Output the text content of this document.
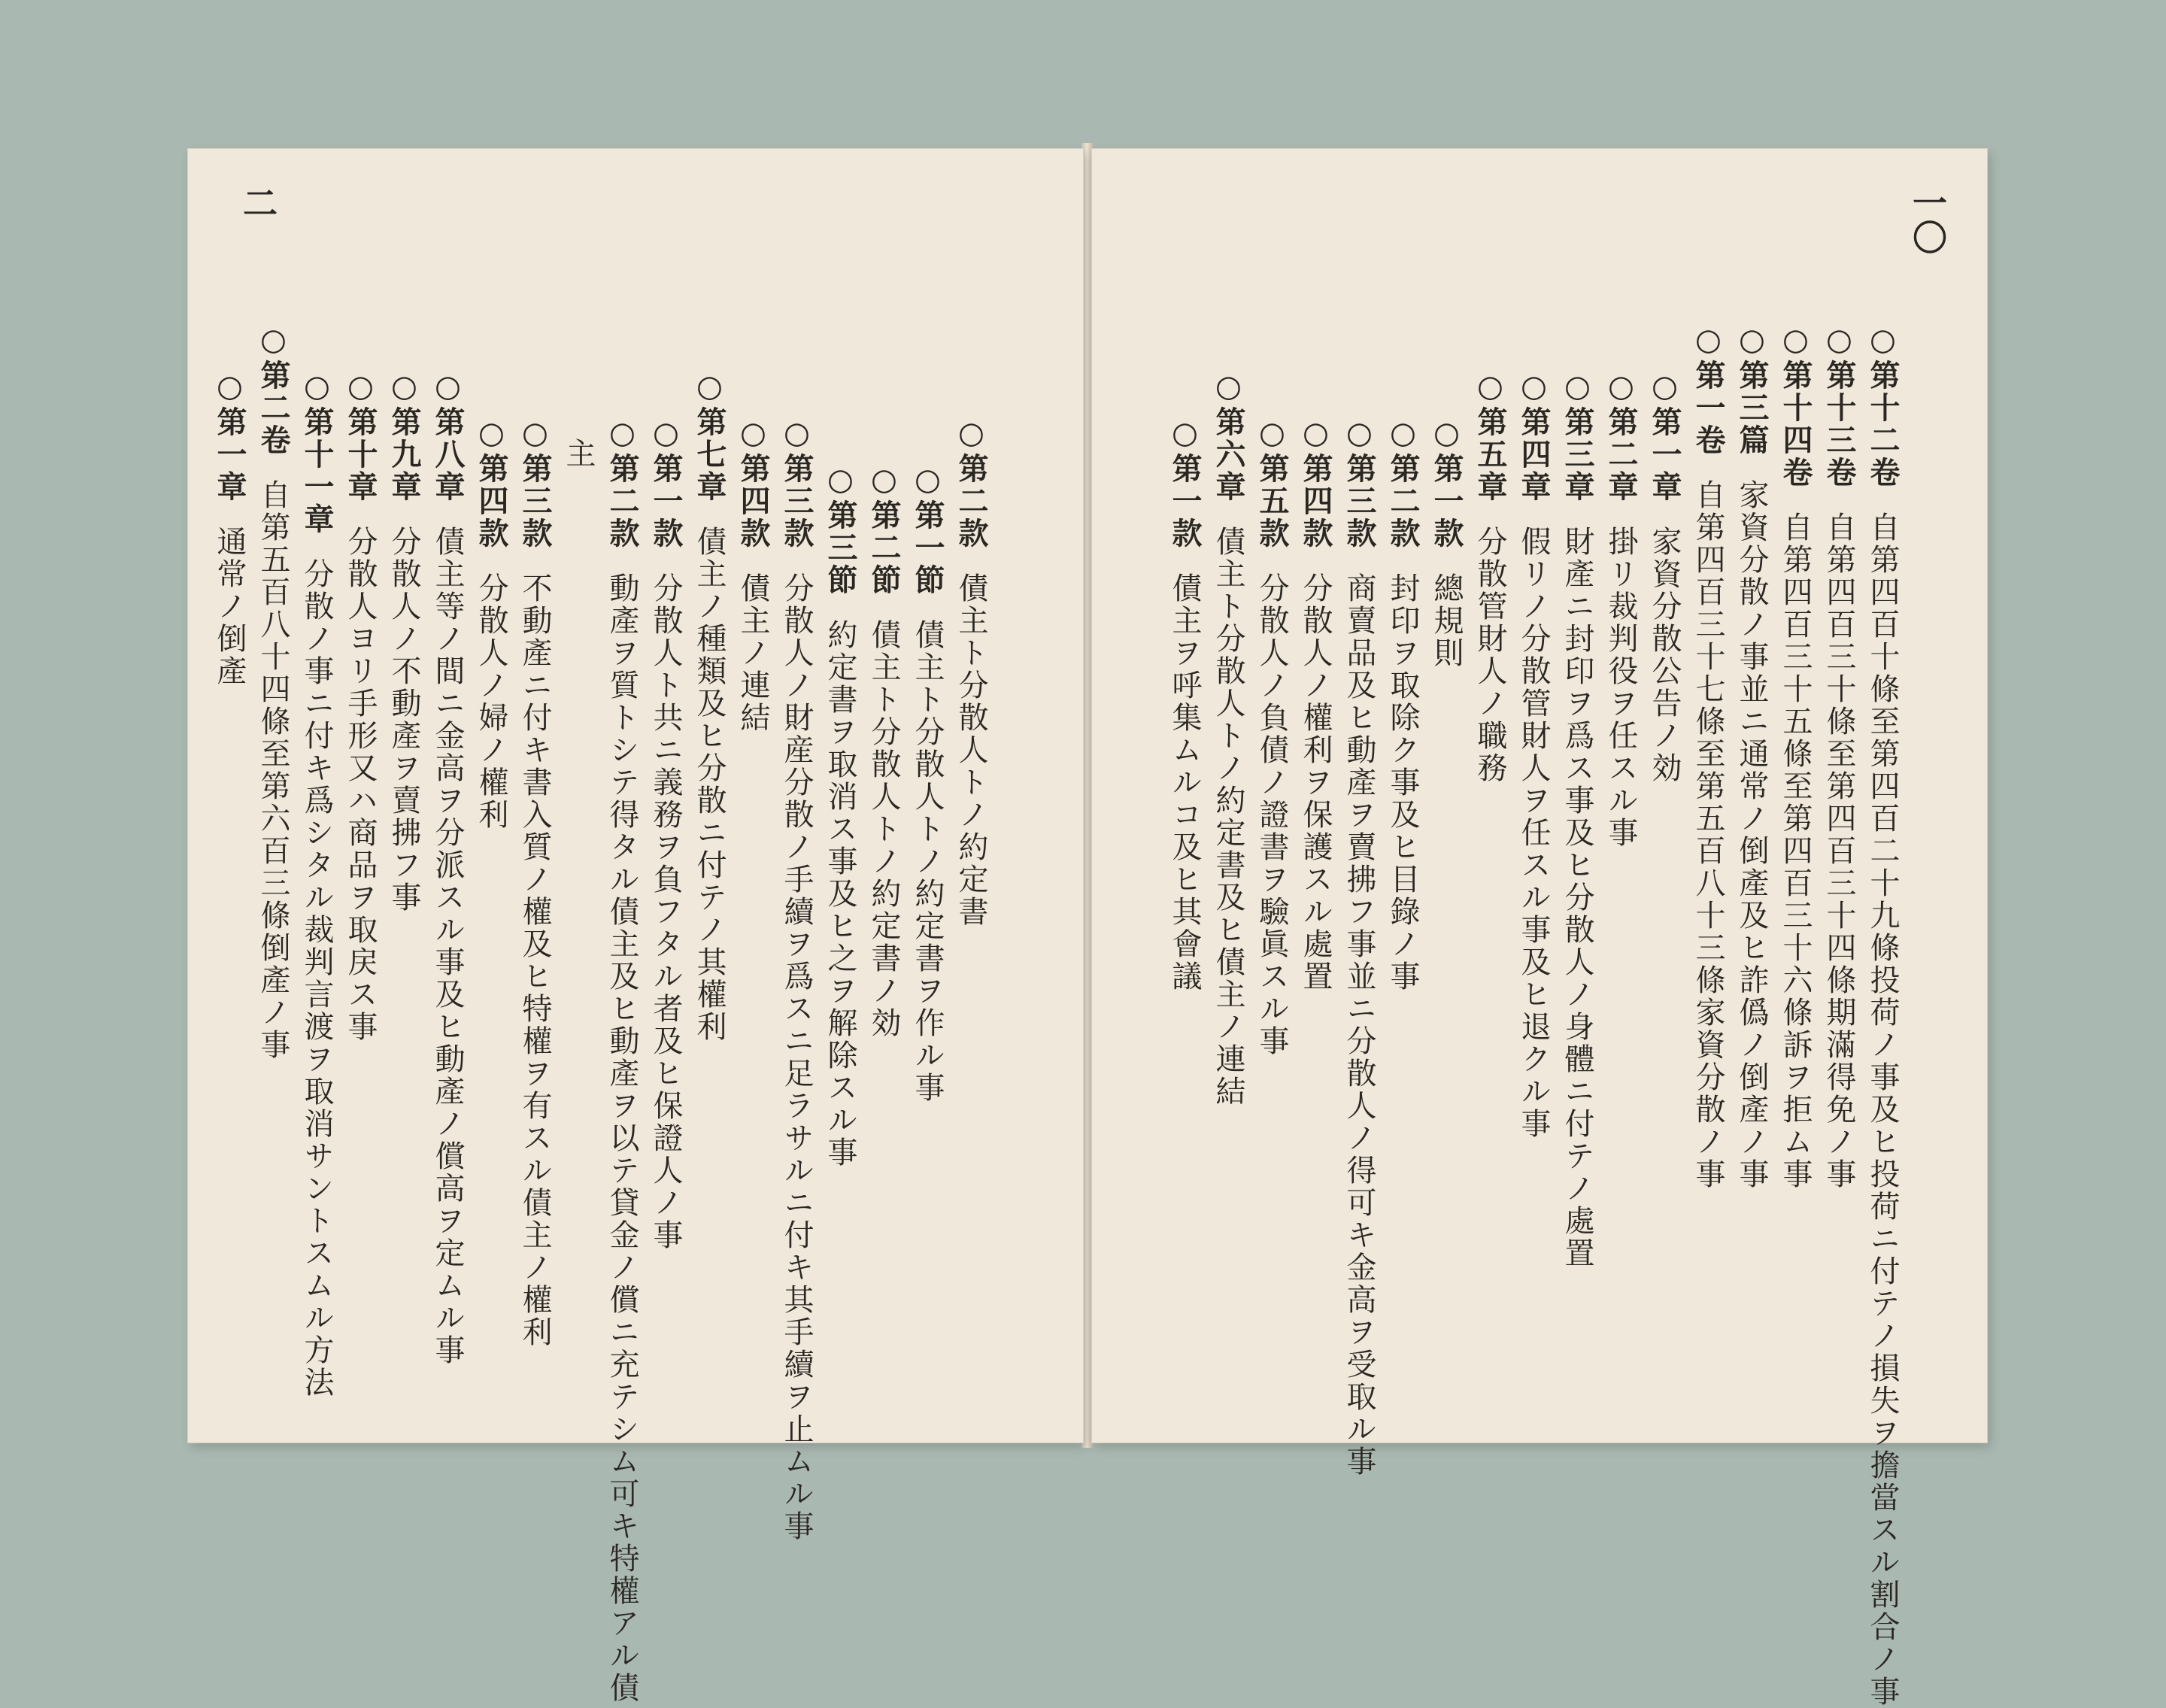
二
○第二款債主ト分散人トノ約定書
○第一節債主ト分散人トノ約定書ヲ作ル事
○第二節債主ト分散人トノ約定書ノ効
○第三節約定書ヲ取消ス事及ヒ之ヲ解除スル事
○第三款分散人ノ財産分散ノ手續ヲ爲スニ足ラサルニ付キ其手續ヲ止ムル事
○第四款債主ノ連結
○第七章債主ノ種類及ヒ分散ニ付テノ其權利
○第一款分散人ト共ニ義務ヲ負フタル者及ヒ保證人ノ事
○第二款動產ヲ質トシテ得タル債主及ヒ動產ヲ以テ貸金ノ償ニ充テシム可キ特權アル債
主
○第三款不動產ニ付キ書入質ノ權及ヒ特權ヲ有スル債主ノ權利
○第四款分散人ノ婦ノ權利
○第八章債主等ノ間ニ金高ヲ分派スル事及ヒ動產ノ償高ヲ定ムル事
○第九章分散人ノ不動產ヲ賣拂フ事
○第十章分散人ヨリ手形又ハ商品ヲ取戻ス事
○第十一章分散ノ事ニ付キ爲シタル裁判言渡ヲ取消サントスムル方法
○第二卷自第五百八十四條至第六百三條倒產ノ事
○第一章通常ノ倒產
一〇
○第十二卷自第四百十條至第四百二十九條投荷ノ事及ヒ投荷ニ付テノ損失ヲ擔當スル割合ノ事
○第十三卷自第四百三十條至第四百三十四條期滿得免ノ事
○第十四卷自第四百三十五條至第四百三十六條訴ヲ拒ム事
○第三篇家資分散ノ事並ニ通常ノ倒產及ヒ詐僞ノ倒產ノ事
○第一卷自第四百三十七條至第五百八十三條家資分散ノ事
○第一章家資分散公告ノ効
○第二章掛リ裁判役ヲ任スル事
○第三章財產ニ封印ヲ爲ス事及ヒ分散人ノ身體ニ付テノ處置
○第四章假リノ分散管財人ヲ任スル事及ヒ退クル事
○第五章分散管財人ノ職務
○第一款總規則
○第二款封印ヲ取除ク事及ヒ目錄ノ事
○第三款商賣品及ヒ動產ヲ賣拂フ事並ニ分散人ノ得可キ金高ヲ受取ル事
○第四款分散人ノ權利ヲ保護スル處置
○第五款分散人ノ負債ノ證書ヲ驗眞スル事
○第六章債主ト分散人トノ約定書及ヒ債主ノ連結
○第一款債主ヲ呼集ムルコ及ヒ其會議
